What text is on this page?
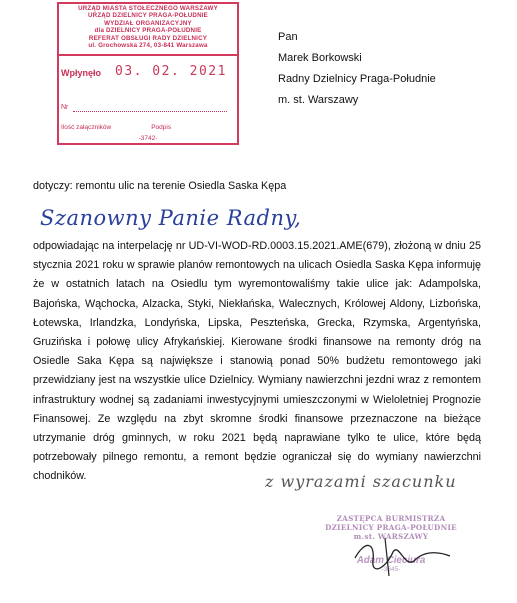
URZĄD MIASTA STOŁECZNEGO WARSZAWY
URZĄD DZIELNICY PRAGA-POŁUDNIE
WYDZIAŁ ORGANIZACYJNY
dla DZIELNICY PRAGA-POŁUDNIE
REFERAT OBSŁUGI RADY DZIELNICY
ul. Grochowska 274, 03-841 Warszawa
Wpłynęło 03. 02. 2021
Nr
Ilość załączników	Podpis
-3742-
Pan
Marek Borkowski
Radny Dzielnicy Praga-Południe
m. st. Warszawy
dotyczy: remontu ulic na terenie Osiedla Saska Kępa
Szanowny Panie Radny,
odpowiadając na interpelację nr UD-VI-WOD-RD.0003.15.2021.AME(679), złożoną w dniu 25 stycznia 2021 roku w sprawie planów remontowych na ulicach Osiedla Saska Kępa informuję że w ostatnich latach na Osiedlu tym wyremontowaliśmy takie ulice jak: Adampolska, Bajońska, Wąchocka, Alzacka, Styki, Niekłańska, Walecznych, Królowej Aldony, Lizbońska, Łotewska, Irlandzka, Londyńska, Lipska, Peszteńska, Grecka, Rzymska, Argentyńska, Gruzińska i połowę ulicy Afrykańskiej. Kierowane środki finansowe na remonty dróg na Osiedle Saka Kępa są największe i stanowią ponad 50% budżetu remontowego jaki przewidziany jest na wszystkie ulice Dzielnicy. Wymiany nawierzchni jezdni wraz z remontem infrastruktury wodnej są zadaniami inwestycyjnymi umieszczonymi w Wieloletniej Prognozie Finansowej. Ze względu na zbyt skromne środki finansowe przeznaczone na bieżące utrzymanie dróg gminnych, w roku 2021 będą naprawiane tylko te ulice, które będą potrzebowały pilnego remontu, a remont będzie ograniczał się do wymiany nawierzchni chodników.	z wyrazami szacunku
ZASTĘPCA BURMISTRZA
DZIELNICY PRAGA-POŁUDNIE
m.st. WARSZAWY
Adam Cieciura
-3645-
